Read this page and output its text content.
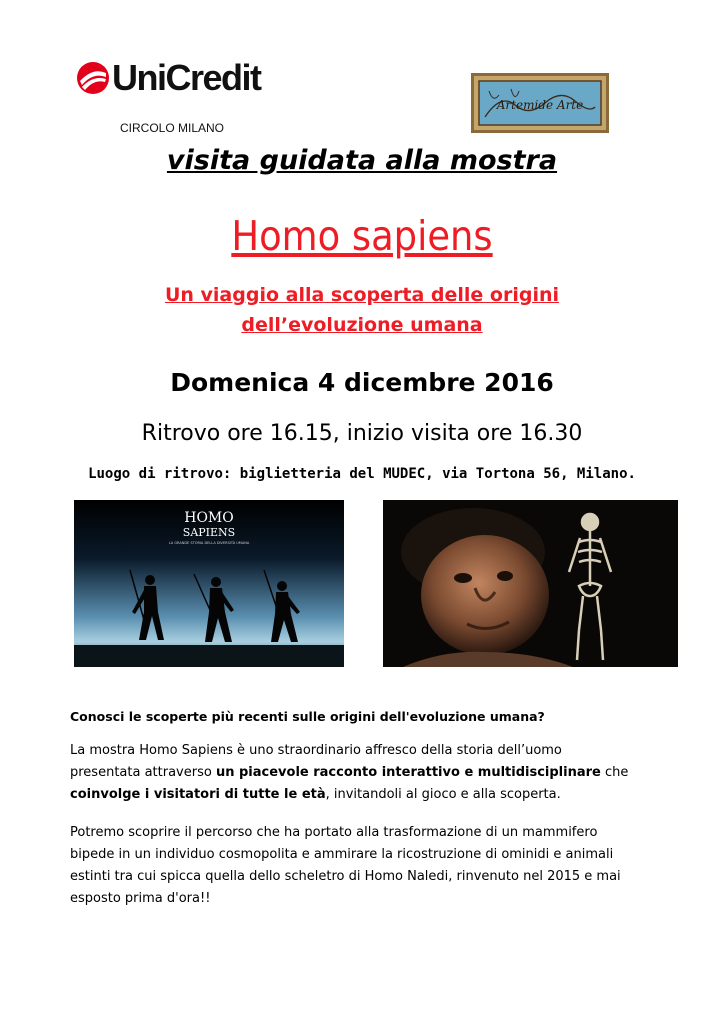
UniCredit
CIRCOLO MILANO
Artemide Arte
visita guidata alla mostra
Homo sapiens
Un viaggio alla scoperta delle origini
dell’evoluzione umana
Domenica 4 dicembre 2016
Ritrovo ore 16.15, inizio visita ore 16.30
Luogo di ritrovo: biglietteria del MUDEC, via Tortona 56, Milano.
HOMO
SAPIENS
LA GRANDE STORIA DELLA DIVERSITÀ UMANA
Conosci le scoperte più recenti sulle origini dell'evoluzione umana?
La mostra Homo Sapiens è uno straordinario affresco della storia dell’uomo
presentata attraverso un piacevole racconto interattivo e multidisciplinare che
coinvolge i visitatori di tutte le età, invitandoli al gioco e alla scoperta.
Potremo scoprire il percorso che ha portato alla trasformazione di un mammifero
bipede in un individuo cosmopolita e ammirare la ricostruzione di ominidi e animali
estinti tra cui spicca quella dello scheletro di Homo Naledi, rinvenuto nel 2015 e mai
esposto prima d'ora!!
